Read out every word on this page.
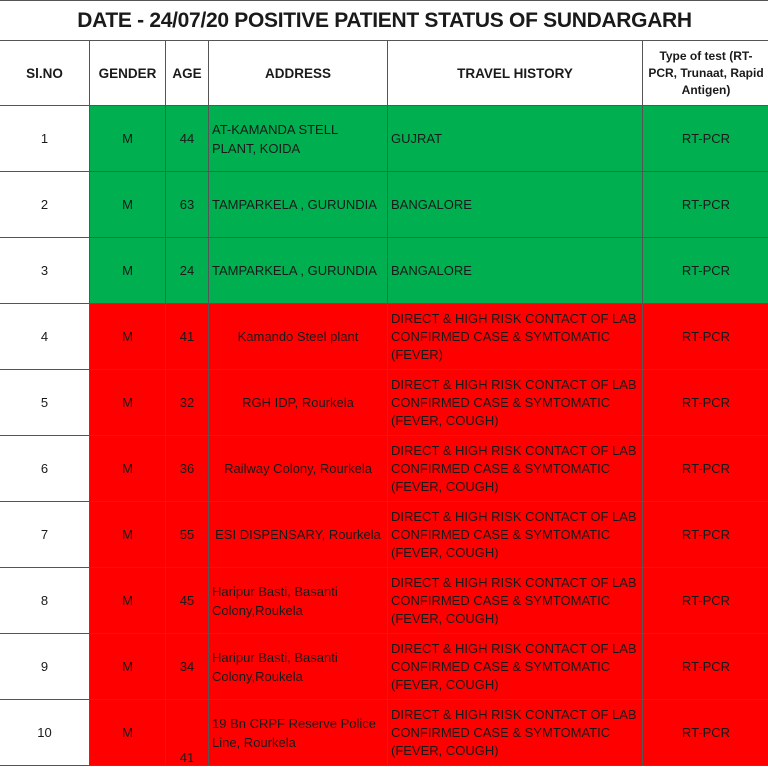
DATE - 24/07/20 POSITIVE PATIENT STATUS OF SUNDARGARH					
Sl.NO	GENDER	AGE	ADDRESS	TRAVEL HISTORY	Type of test (RT-PCR, Trunaat, Rapid Antigen)
1	M	44	AT-KAMANDA STELL PLANT, KOIDA	GUJRAT	RT-PCR
2	M	63	TAMPARKELA , GURUNDIA	BANGALORE	RT-PCR
3	M	24	TAMPARKELA , GURUNDIA	BANGALORE	RT-PCR
4	M	41	Kamando Steel plant	DIRECT & HIGH RISK CONTACT OF LAB CONFIRMED CASE & SYMTOMATIC (FEVER)	RT-PCR
5	M	32	RGH IDP, Rourkela	DIRECT & HIGH RISK CONTACT OF LAB CONFIRMED CASE & SYMTOMATIC (FEVER, COUGH)	RT-PCR
6	M	36	Railway Colony, Rourkela	DIRECT & HIGH RISK CONTACT OF LAB CONFIRMED CASE & SYMTOMATIC (FEVER, COUGH)	RT-PCR
7	M	55	ESI DISPENSARY, Rourkela	DIRECT & HIGH RISK CONTACT OF LAB CONFIRMED CASE & SYMTOMATIC (FEVER, COUGH)	RT-PCR
8	M	45	Haripur Basti, Basanti Colony,Roukela	DIRECT & HIGH RISK CONTACT OF LAB CONFIRMED CASE & SYMTOMATIC (FEVER, COUGH)	RT-PCR
9	M	34	Haripur Basti, Basanti Colony,Roukela	DIRECT & HIGH RISK CONTACT OF LAB CONFIRMED CASE & SYMTOMATIC (FEVER, COUGH)	RT-PCR
10	M	41	19 Bn CRPF Reserve Police Line, Rourkela	DIRECT & HIGH RISK CONTACT OF LAB CONFIRMED CASE & SYMTOMATIC (FEVER, COUGH)	RT-PCR
